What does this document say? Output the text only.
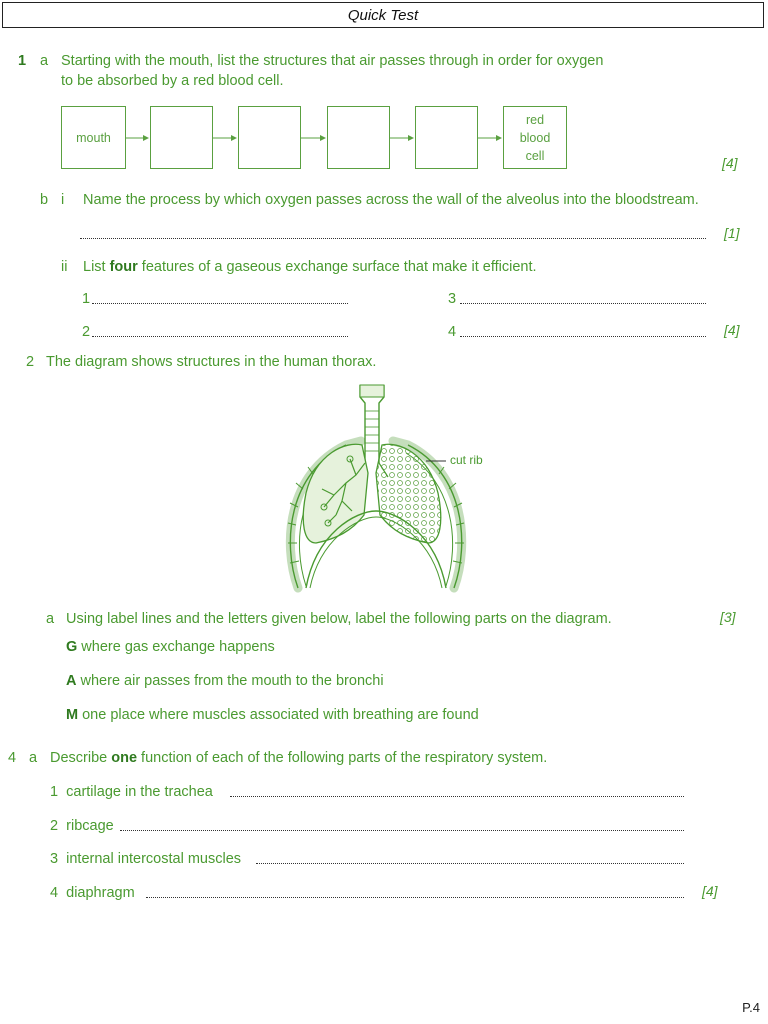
Quick Test
1 a Starting with the mouth, list the structures that air passes through in order for oxygen
to be absorbed by a red blood cell.
mouth
red
blood
cell	[4]
b i Name the process by which oxygen passes across the wall of the alveolus into the bloodstream.
[1]
ii List four features of a gaseous exchange surface that make it efficient.
1	3
2	4	[4]
2 The diagram shows structures in the human thorax.
cut rib
a Using label lines and the letters given below, label the following parts on the diagram.	[3]
G where gas exchange happens
A where air passes from the mouth to the bronchi
M one place where muscles associated with breathing are found
4 a Describe one function of each of the following parts of the respiratory system.
1 cartilage in the trachea
2 ribcage
3 internal intercostal muscles
4 diaphragm	[4]
P.4
